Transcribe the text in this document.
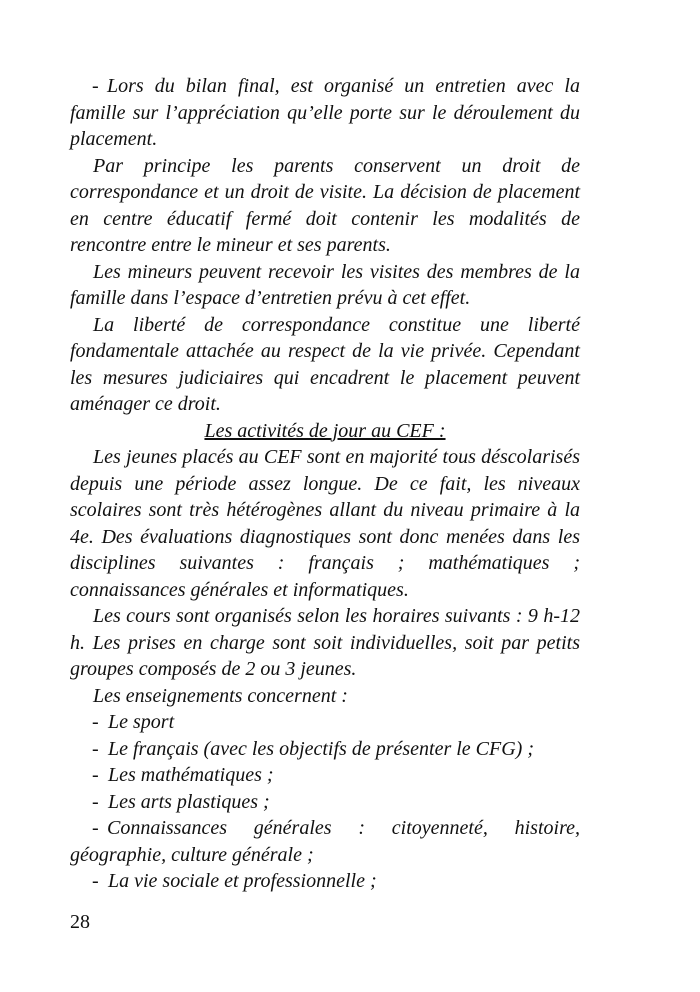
- Lors du bilan final, est organisé un entretien avec la famille sur l’appréciation qu’elle porte sur le déroulement du placement.

Par principe les parents conservent un droit de correspondance et un droit de visite. La décision de placement en centre éducatif fermé doit contenir les modalités de rencontre entre le mineur et ses parents.

Les mineurs peuvent recevoir les visites des membres de la famille dans l’espace d’entretien prévu à cet effet.

La liberté de correspondance constitue une liberté fondamentale attachée au respect de la vie privée. Cependant les mesures judiciaires qui encadrent le placement peuvent aménager ce droit.

Les activités de jour au CEF :

Les jeunes placés au CEF sont en majorité tous déscolarisés depuis une période assez longue. De ce fait, les niveaux scolaires sont très hétérogènes allant du niveau primaire à la 4e. Des évaluations diagnostiques sont donc menées dans les disciplines suivantes : français ; mathématiques ; connaissances générales et informatiques.

Les cours sont organisés selon les horaires suivants : 9 h-12 h. Les prises en charge sont soit individuelles, soit par petits groupes composés de 2 ou 3 jeunes.

Les enseignements concernent :

- Le sport

- Le français (avec les objectifs de présenter le CFG) ;

- Les mathématiques ;

- Les arts plastiques ;

- Connaissances générales : citoyenneté, histoire, géographie, culture générale ;

- La vie sociale et professionnelle ;

28
